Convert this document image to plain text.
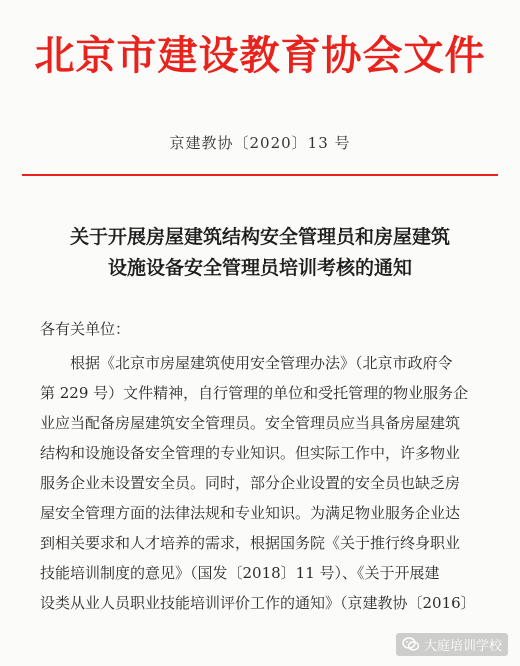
北京市建设教育协会文件
京建教协〔2020〕13 号
关于开展房屋建筑结构安全管理员和房屋建筑
设施设备安全管理员培训考核的通知
各有关单位：
根据《北京市房屋建筑使用安全管理办法》（北京市政府令
第 229 号）文件精神，自行管理的单位和受托管理的物业服务企
业应当配备房屋建筑安全管理员。安全管理员应当具备房屋建筑
结构和设施设备安全管理的专业知识。但实际工作中，许多物业
服务企业未设置安全员。同时，部分企业设置的安全员也缺乏房
屋安全管理方面的法律法规和专业知识。为满足物业服务企业达
到相关要求和人才培养的需求，根据国务院《关于推行终身职业
技能培训制度的意见》（国发〔2018〕11 号）、《关于开展建
设类从业人员职业技能培训评价工作的通知》（京建教协〔2016〕
大庭培训学校
